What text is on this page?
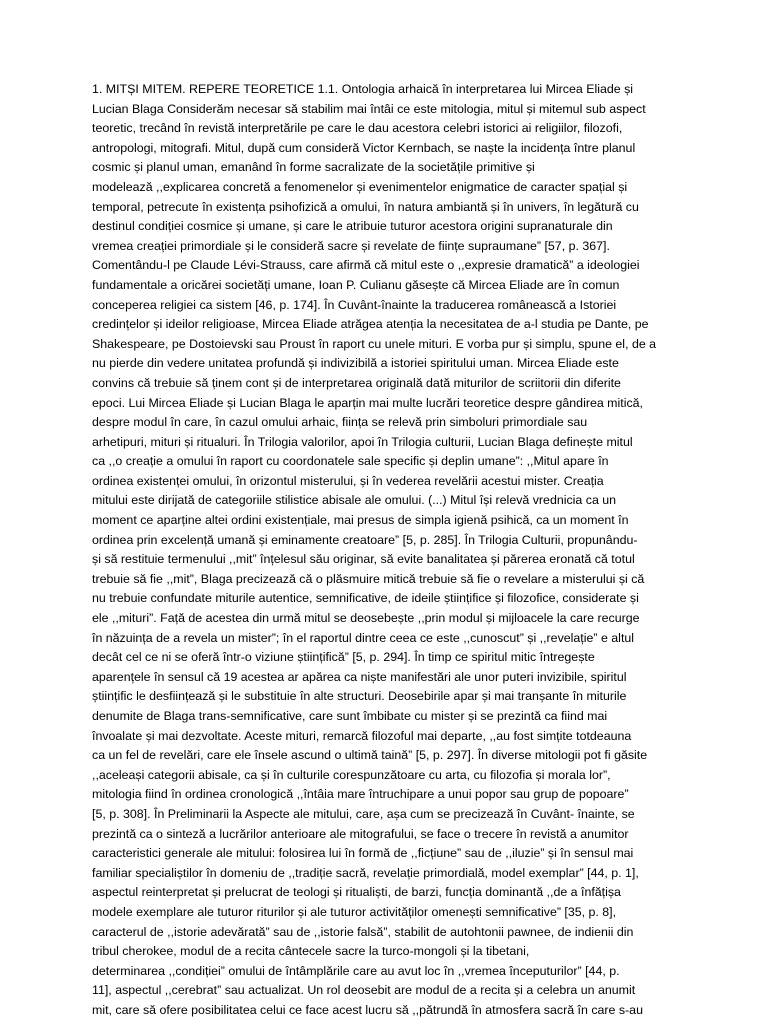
1. MITȘI MITEM. REPERE TEORETICE 1.1. Ontologia arhaică în interpretarea lui Mircea Eliade și
Lucian Blaga Considerăm necesar să stabilim mai întâi ce este mitologia, mitul și mitemul sub aspect
teoretic, trecând în revistă interpretările pe care le dau acestora celebri istorici ai religiilor, filozofi,
antropologi, mitografi. Mitul, după cum consideră Victor Kernbach, se naște la incidența între planul
cosmic și planul uman, emanând în forme sacralizate de la societățile primitive și
modelează ,,explicarea concretă a fenomenelor și evenimentelor enigmatice de caracter spațial și
temporal, petrecute în existența psihofizică a omului, în natura ambiantă și în univers, în legătură cu
destinul condiției cosmice și umane, și care le atribuie tuturor acestora origini supranaturale din
vremea creației primordiale și le consideră sacre și revelate de ființe supraumane” [57, p. 367].
Comentându-l pe Claude Lévi-Strauss, care afirmă că mitul este o ,,expresie dramatică” a ideologiei
fundamentale a oricărei societăți umane, Ioan P. Culianu găsește că Mircea Eliade are în comun
conceperea religiei ca sistem [46, p. 174]. În Cuvânt-înainte la traducerea românească a Istoriei
credințelor și ideilor religioase, Mircea Eliade atrăgea atenția la necesitatea de a-l studia pe Dante, pe
Shakespeare, pe Dostoievski sau Proust în raport cu unele mituri. E vorba pur și simplu, spune el, de a
nu pierde din vedere unitatea profundă și indivizibilă a istoriei spiritului uman. Mircea Eliade este
convins că trebuie să ținem cont și de interpretarea originală dată miturilor de scriitorii din diferite
epoci. Lui Mircea Eliade și Lucian Blaga le aparțin mai multe lucrări teoretice despre gândirea mitică,
despre modul în care, în cazul omului arhaic, ființa se relevă prin simboluri primordiale sau
arhetipuri, mituri și ritualuri. În Trilogia valorilor, apoi în Trilogia culturii, Lucian Blaga definește mitul
ca ,,o creație a omului în raport cu coordonatele sale specific și deplin umane”: ,,Mitul apare în
ordinea existenței omului, în orizontul misterului, și în vederea revelării acestui mister. Creația
mitului este dirijată de categoriile stilistice abisale ale omului. (...) Mitul își relevă vrednicia ca un
moment ce aparține altei ordini existențiale, mai presus de simpla igienă psihică, ca un moment în
ordinea prin excelență umană și eminamente creatoare” [5, p. 285]. În Trilogia Culturii, propunându-
și să restituie termenului ,,mit” înțelesul său originar, să evite banalitatea și părerea eronată că totul
trebuie să fie ,,mit”, Blaga precizează că o plăsmuire mitică trebuie să fie o revelare a misterului și că
nu trebuie confundate miturile autentice, semnificative, de ideile științifice și filozofice, considerate și
ele ,,mituri”. Față de acestea din urmă mitul se deosebește ,,prin modul și mijloacele la care recurge
în năzuința de a revela un mister”; în el raportul dintre ceea ce este ,,cunoscut” și ,,revelație” e altul
decât cel ce ni se oferă într-o viziune științifică” [5, p. 294]. În timp ce spiritul mitic întregește
aparențele în sensul că 19 acestea ar apărea ca niște manifestări ale unor puteri invizibile, spiritul
științific le desființează și le substituie în alte structuri. Deosebirile apar și mai tranșante în miturile
denumite de Blaga trans-semnificative, care sunt îmbibate cu mister și se prezintă ca fiind mai
învoalate și mai dezvoltate. Aceste mituri, remarcă filozoful mai departe, ,,au fost simțite totdeauna
ca un fel de revelări, care ele însele ascund o ultimă taină” [5, p. 297]. În diverse mitologii pot fi găsite
,,aceleași categorii abisale, ca și în culturile corespunzătoare cu arta, cu filozofia și morala lor”,
mitologia fiind în ordinea cronologică ,,întâia mare întruchipare a unui popor sau grup de popoare”
[5, p. 308]. În Preliminarii la Aspecte ale mitului, care, așa cum se precizează în Cuvânt- înainte, se
prezintă ca o sinteză a lucrărilor anterioare ale mitografului, se face o trecere în revistă a anumitor
caracteristici generale ale mitului: folosirea lui în formă de ,,ficțiune” sau de ,,iluzie” și în sensul mai
familiar specialiștilor în domeniu de ,,tradiție sacră, revelație primordială, model exemplar” [44, p. 1],
aspectul reinterpretat și prelucrat de teologi și ritualiști, de barzi, funcția dominantă ,,de a înfățișa
modele exemplare ale tuturor riturilor și ale tuturor activităților omenești semnificative” [35, p. 8],
caracterul de ,,istorie adevărată” sau de ,,istorie falsă”, stabilit de autohtonii pawnee, de indienii din
tribul cherokee, modul de a recita cântecele sacre la turco-mongoli și la tibetani,
determinarea ,,condiției” omului de întâmplările care au avut loc în ,,vremea începuturilor” [44, p.
11], aspectul ,,cerebrat” sau actualizat. Un rol deosebit are modul de a recita și a celebra un anumit
mit, care să ofere posibilitatea celui ce face acest lucru să ,,pătrundă în atmosfera sacră în care s-au
